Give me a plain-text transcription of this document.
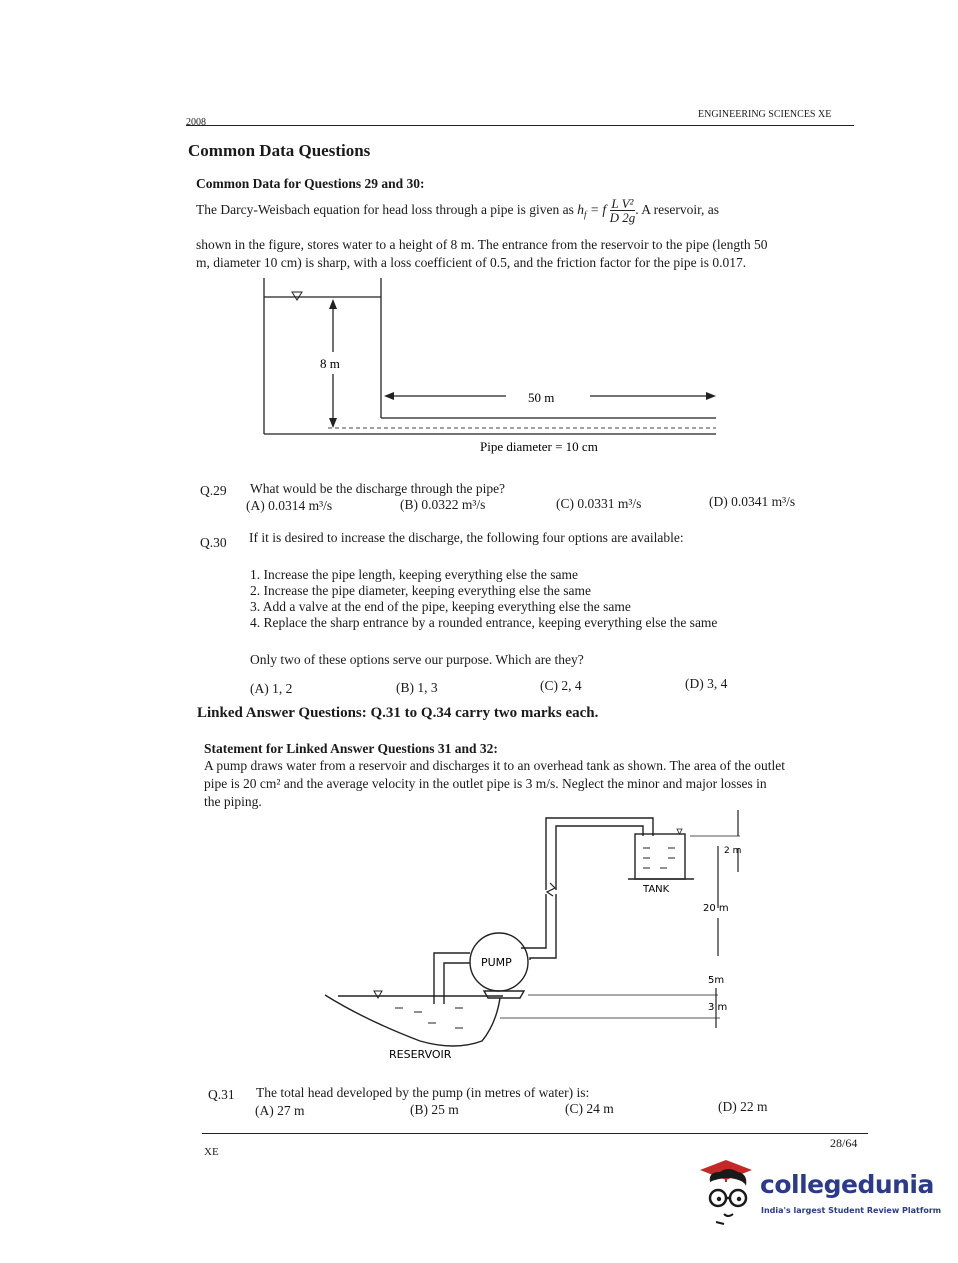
2008
ENGINEERING SCIENCES XE
Common Data Questions
Common Data for Questions 29 and 30:
The Darcy-Weisbach equation for head loss through a pipe is given as $h_f = f \frac{\text{L V²}}{D 2g}$ . A reservoir, as
shown in the figure, stores water to a height of 8 m. The entrance from the reservoir to the pipe (length 50
m, diameter 10 cm) is sharp, with a loss coefficient of 0.5, and the friction factor for the pipe is 0.017.
8 m
50 m
Pipe diameter = 10 cm
Q.29 What would be the discharge through the pipe?
(A) 0.0314 m³/s	(B) 0.0322 m³/s	(C) 0.0331 m³/s	(D) 0.0341 m³/s
Q.30 If it is desired to increase the discharge, the following four options are available:
1. Increase the pipe length, keeping everything else the same
2. Increase the pipe diameter, keeping everything else the same
3. Add a valve at the end of the pipe, keeping everything else the same
4. Replace the sharp entrance by a rounded entrance, keeping everything else the same
Only two of these options serve our purpose. Which are they?
(A) 1, 2	(B) 1, 3	(C) 2, 4	(D) 3, 4
Linked Answer Questions: Q.31 to Q.34 carry two marks each.
Statement for Linked Answer Questions 31 and 32:
A pump draws water from a reservoir and discharges it to an overhead tank as shown. The area of the outlet
pipe is 20 cm² and the average velocity in the outlet pipe is 3 m/s. Neglect the minor and major losses in
the piping.
PUMP
TANK
RESERVOIR
2 m
20 m
5m
3 m
Q.31 The total head developed by the pump (in metres of water) is:
(A) 27 m	(B) 25 m	(C) 24 m	(D) 22 m
XE
28/64
collegedunia
India's largest Student Review Platform
